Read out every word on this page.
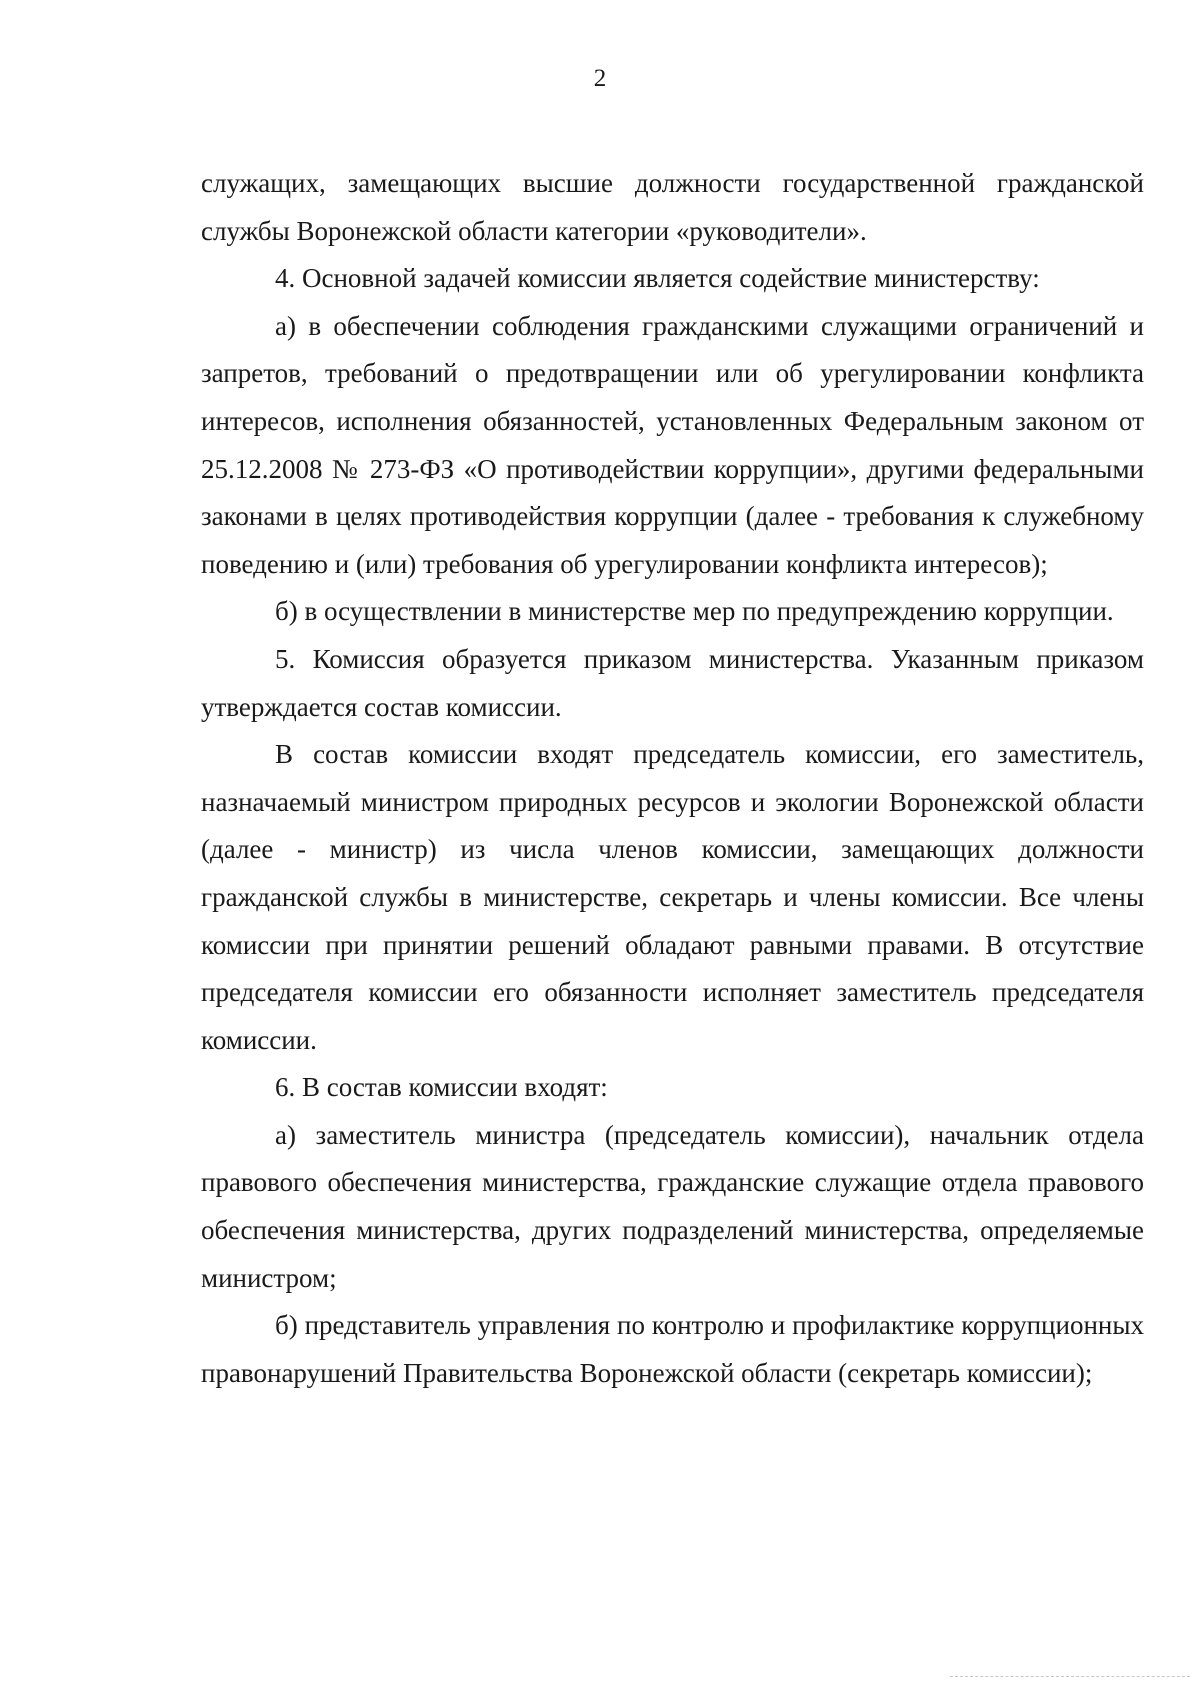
2

служащих, замещающих высшие должности государственной гражданской службы Воронежской области категории «руководители».

4. Основной задачей комиссии является содействие министерству:

а) в обеспечении соблюдения гражданскими служащими ограничений и запретов, требований о предотвращении или об урегулировании конфликта интересов, исполнения обязанностей, установленных Федеральным законом от 25.12.2008 № 273-ФЗ «О противодействии коррупции», другими федеральными законами в целях противодействия коррупции (далее - требования к служебному поведению и (или) требования об урегулировании конфликта интересов);

б) в осуществлении в министерстве мер по предупреждению коррупции.

5. Комиссия образуется приказом министерства. Указанным приказом утверждается состав комиссии.

В состав комиссии входят председатель комиссии, его заместитель, назначаемый министром природных ресурсов и экологии Воронежской области (далее - министр) из числа членов комиссии, замещающих должности гражданской службы в министерстве, секретарь и члены комиссии. Все члены комиссии при принятии решений обладают равными правами. В отсутствие председателя комиссии его обязанности исполняет заместитель председателя комиссии.

6. В состав комиссии входят:

а) заместитель министра (председатель комиссии), начальник отдела правового обеспечения министерства, гражданские служащие отдела правового обеспечения министерства, других подразделений министерства, определяемые министром;

б) представитель управления по контролю и профилактике коррупционных правонарушений Правительства Воронежской области (секретарь комиссии);
